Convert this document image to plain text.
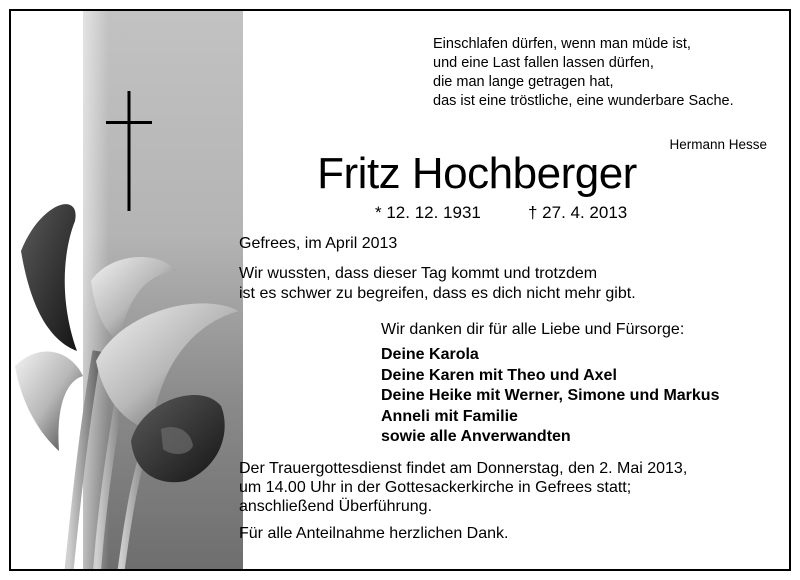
Einschlafen dürfen, wenn man müde ist,
und eine Last fallen lassen dürfen,
die man lange getragen hat,
das ist eine tröstliche, eine wunderbare Sache.
Hermann Hesse
Fritz Hochberger
* 12. 12. 1931	† 27. 4. 2013
Gefrees, im April 2013
Wir wussten, dass dieser Tag kommt und trotzdem
ist es schwer zu begreifen, dass es dich nicht mehr gibt.
Wir danken dir für alle Liebe und Fürsorge:
Deine Karola
Deine Karen mit Theo und Axel
Deine Heike mit Werner, Simone und Markus
Anneli mit Familie
sowie alle Anverwandten
Der Trauergottesdienst findet am Donnerstag, den 2. Mai 2013,
um 14.00 Uhr in der Gottesackerkirche in Gefrees statt;
anschließend Überführung.
Für alle Anteilnahme herzlichen Dank.
